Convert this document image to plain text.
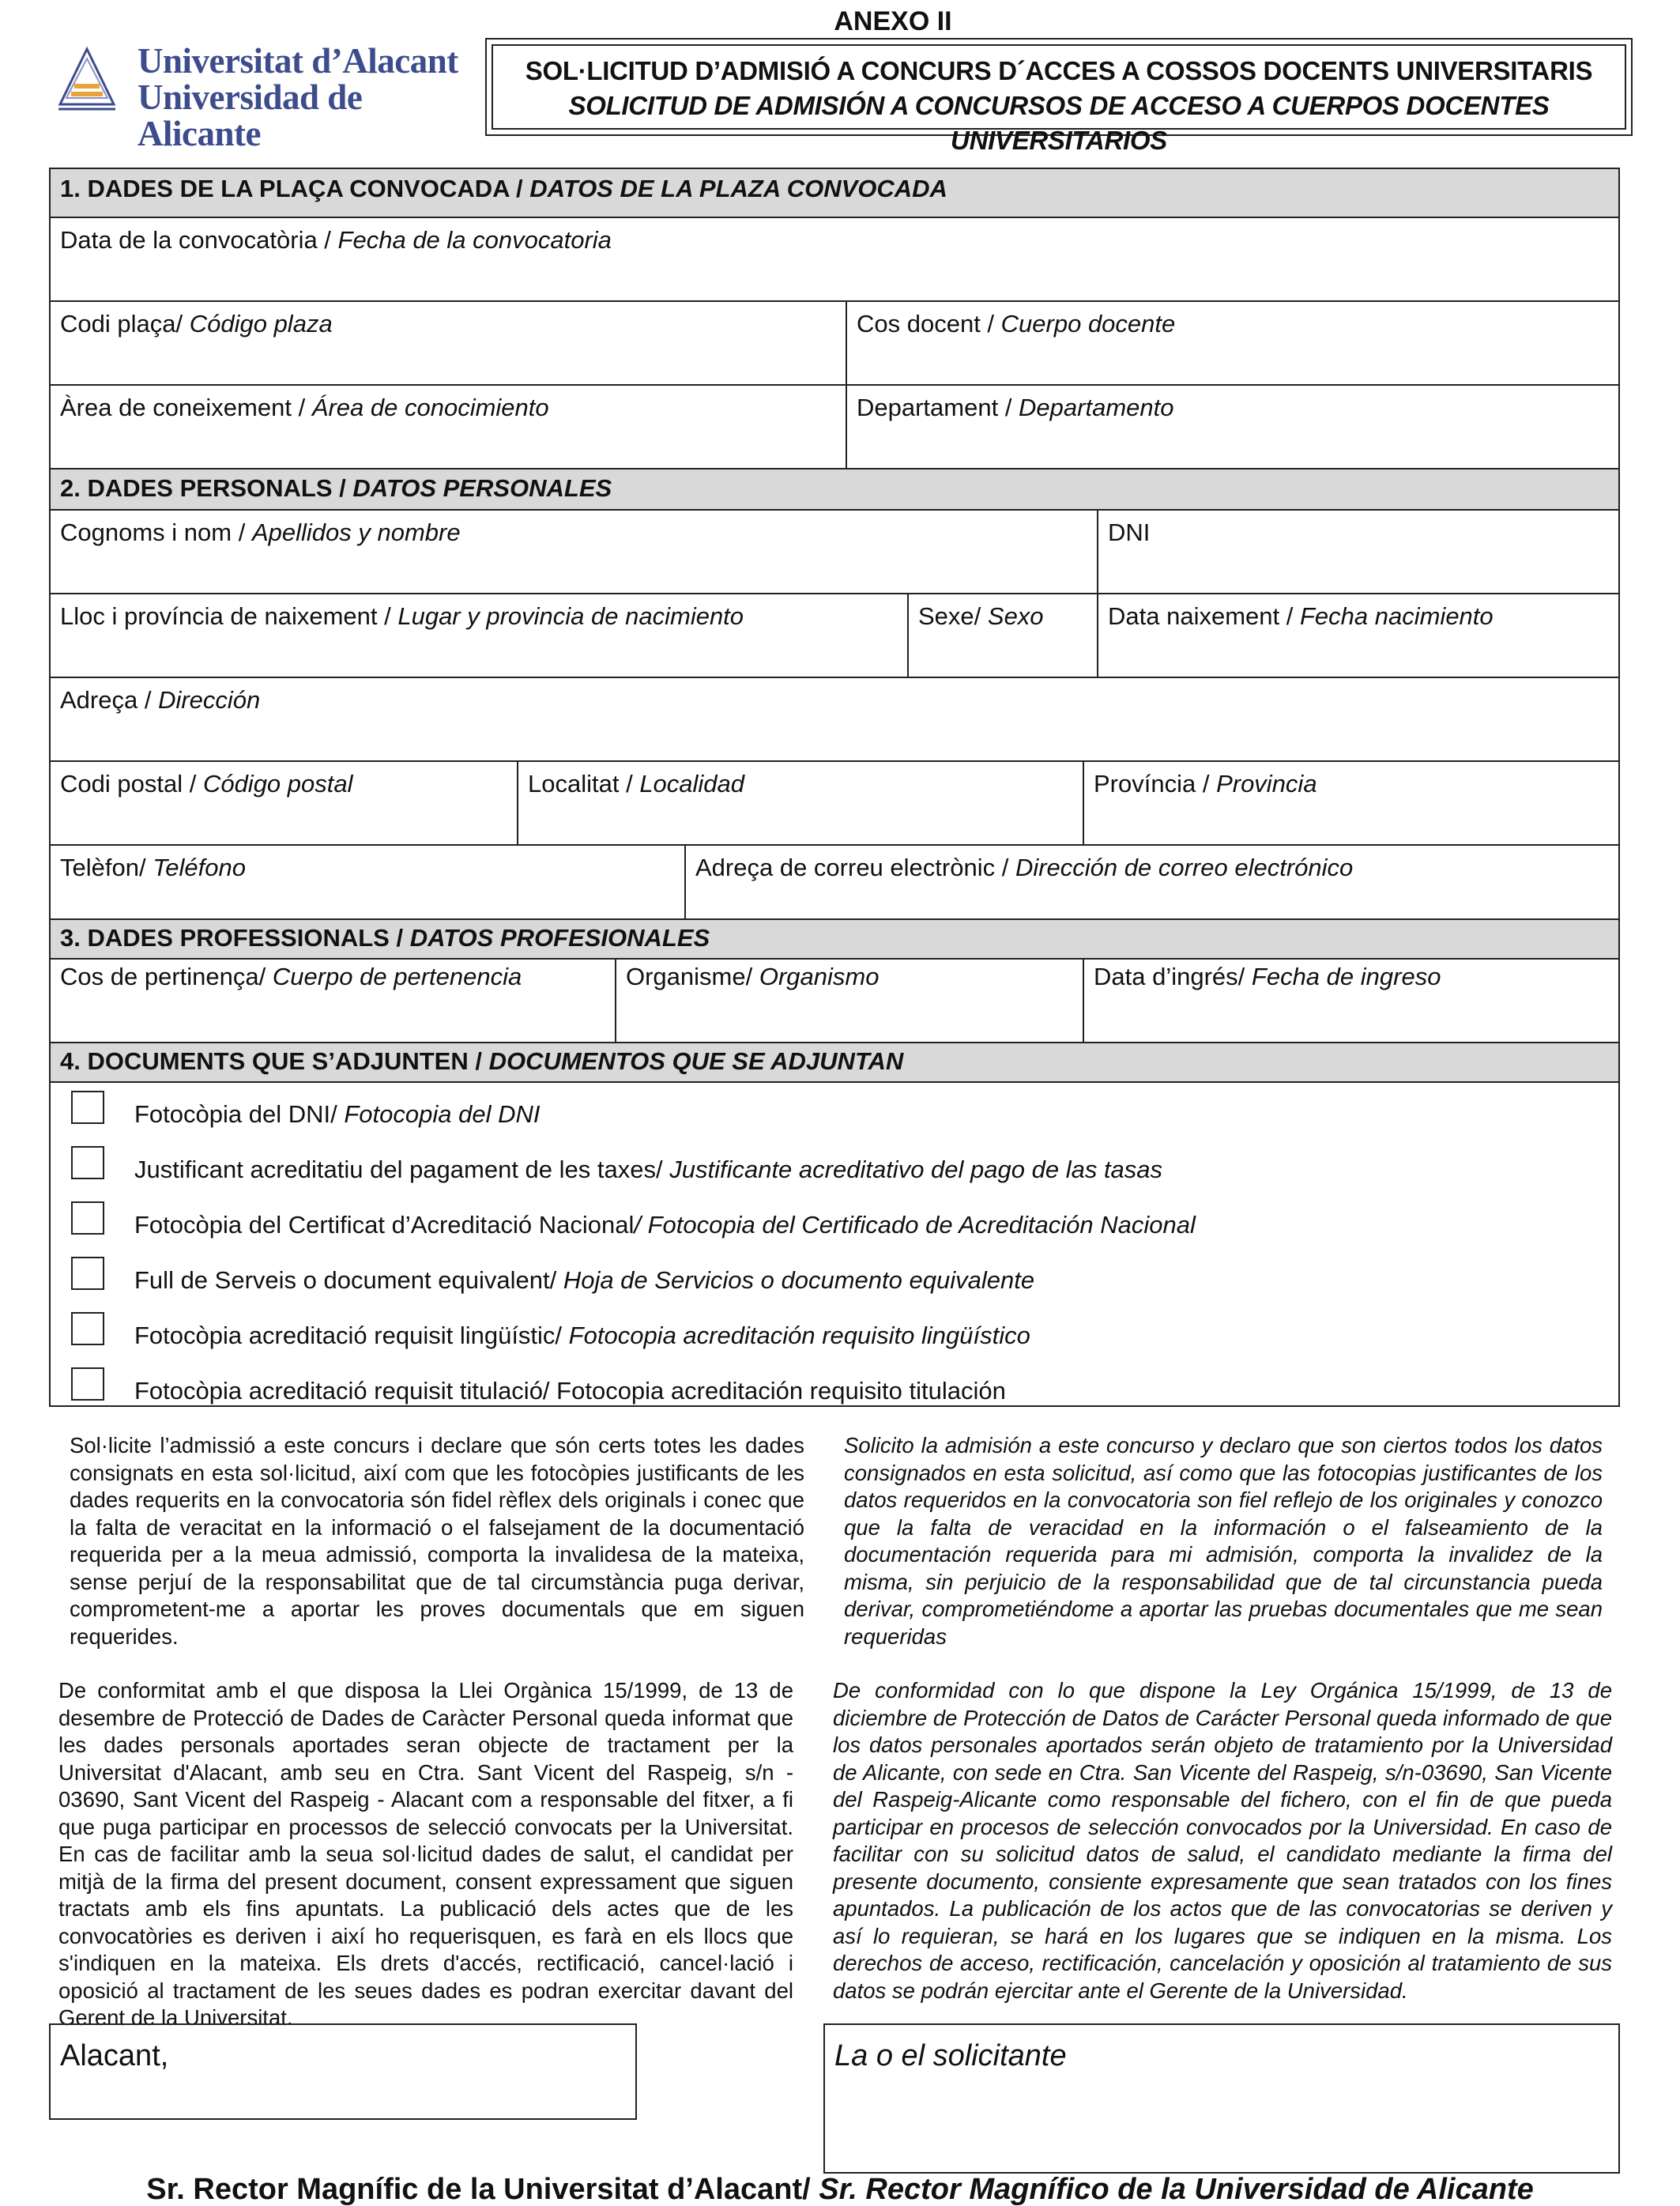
ANEXO II
Universitat d’Alacant
Universidad de Alicante
SOL·LICITUD D’ADMISIÓ A CONCURS D´ACCES A COSSOS DOCENTS UNIVERSITARIS
SOLICITUD DE ADMISIÓN A CONCURSOS DE ACCESO A CUERPOS DOCENTES UNIVERSITARIOS
1. DADES DE LA PLAÇA CONVOCADA / DATOS DE LA PLAZA CONVOCADA
Data de la convocatòria / Fecha de la convocatoria
Codi plaça/ Código plaza	Cos docent / Cuerpo docente
Àrea de coneixement / Área de conocimiento	Departament / Departamento
2. DADES PERSONALS / DATOS PERSONALES
Cognoms i nom / Apellidos y nombre	DNI
Lloc i província de naixement / Lugar y provincia de nacimiento	Sexe/ Sexo	Data naixement / Fecha nacimiento
Adreça / Dirección
Codi postal / Código postal	Localitat / Localidad	Província / Provincia
Telèfon/ Teléfono	Adreça de correu electrònic / Dirección de correo electrónico
3. DADES PROFESSIONALS / DATOS PROFESIONALES
Cos de pertinença/ Cuerpo de pertenencia	Organisme/ Organismo	Data d’ingrés/ Fecha de ingreso
4. DOCUMENTS QUE S’ADJUNTEN / DOCUMENTOS QUE SE ADJUNTAN
Fotocòpia del DNI/ Fotocopia del DNI
Justificant acreditatiu del pagament de les taxes/ Justificante acreditativo del pago de las tasas
Fotocòpia del Certificat d’Acreditació Nacional/ Fotocopia del Certificado de Acreditación Nacional
Full de Serveis o document equivalent/ Hoja de Servicios o documento equivalente
Fotocòpia acreditació requisit lingüístic/ Fotocopia acreditación requisito lingüístico
Fotocòpia acreditació requisit titulació/ Fotocopia acreditación requisito titulación
Sol·licite l’admissió a este concurs i declare que són certs totes les dades consignats en esta sol·licitud, així com que les fotocòpies justificants de les dades requerits en la convocatoria són fidel rèflex dels originals i conec que la falta de veracitat en la informació o el falsejament de la documentació requerida per a la meua admissió, comporta la invalidesa de la mateixa, sense perjuí de la responsabilitat que de tal circumstància puga derivar, comprometent-me a aportar les proves documentals que em siguen requerides.
Solicito la admisión a este concurso y declaro que son ciertos todos los datos consignados en esta solicitud, así como que las fotocopias justificantes de los datos requeridos en la convocatoria son fiel reflejo de los originales y conozco que la falta de veracidad en la información o el falseamiento de la documentación requerida para mi admisión, comporta la invalidez de la misma, sin perjuicio de la responsabilidad que de tal circunstancia pueda derivar, comprometiéndome a aportar las pruebas documentales que me sean requeridas
De conformitat amb el que disposa la Llei Orgànica 15/1999, de 13 de desembre de Protecció de Dades de Caràcter Personal queda informat que les dades personals aportades seran objecte de tractament per la Universitat d'Alacant, amb seu en Ctra. Sant Vicent del Raspeig, s/n - 03690, Sant Vicent del Raspeig - Alacant com a responsable del fitxer, a fi que puga participar en processos de selecció convocats per la Universitat. En cas de facilitar amb la seua sol·licitud dades de salut, el candidat per mitjà de la firma del present document, consent expressament que siguen tractats amb els fins apuntats. La publicació dels actes que de les convocatòries es deriven i així ho requerisquen, es farà en els llocs que s'indiquen en la mateixa. Els drets d'accés, rectificació, cancel·lació i oposició al tractament de les seues dades es podran exercitar davant del Gerent de la Universitat.
De conformidad con lo que dispone la Ley Orgánica 15/1999, de 13 de diciembre de Protección de Datos de Carácter Personal queda informado de que los datos personales aportados serán objeto de tratamiento por la Universidad de Alicante, con sede en Ctra. San Vicente del Raspeig, s/n-03690, San Vicente del Raspeig-Alicante como responsable del fichero, con el fin de que pueda participar en procesos de selección convocados por la Universidad. En caso de facilitar con su solicitud datos de salud, el candidato mediante la firma del presente documento, consiente expresamente que sean tratados con los fines apuntados. La publicación de los actos que de las convocatorias se deriven y así lo requieran, se hará en los lugares que se indiquen en la misma. Los derechos de acceso, rectificación, cancelación y oposición al tratamiento de sus datos se podrán ejercitar ante el Gerente de la Universidad.
Alacant,	La o el solicitante
Sr. Rector Magnífic de la Universitat d’Alacant/ Sr. Rector Magnífico de la Universidad de Alicante
